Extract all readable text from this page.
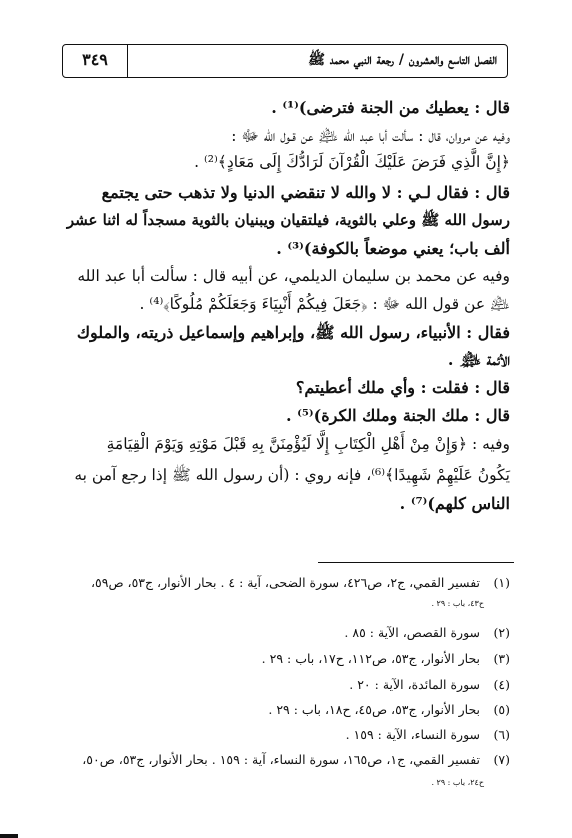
٣٤٩	الفصل التاسع والعشرون / رجعة النبي محمد ﷺ
قال : يعطيك من الجنة فترضى)⁽¹⁾ .
وفيه عن مروان، قال : سألت أبا عبد الله ﵇ عن قـول الله ﷻ :
﴿إِنَّ الَّذِي فَرَضَ عَلَيْكَ الْقُرْآنَ لَرَادُّكَ إِلَى مَعَادٍ﴾⁽²⁾ .
قال : فقال لـي : لا والله لا تنقضي الدنيا ولا تذهب حتى يجتمع
رسول الله ﷺ وعلي بالثوية، فيلتقيان ويبنيان بالثوية مسجداً له اثنا عشر
ألف باب؛ يعني موضعاً بالكوفة)⁽³⁾ .
وفيه عن محمد بن سليمان الديلمي، عن أبيه قال : سألت أبا عبد الله
﵇ عن قول الله ﷻ : ﴿جَعَلَ فِيكُمْ أَنْبِيَاءَ وَجَعَلَكُمْ مُلُوكًا﴾⁽⁴⁾ .
فقال : الأنبياء، رسول الله ﷺ، وإبراهيم وإسماعيل ذريته، والملوك
الأئمة ﵈ .
قال : فقلت : وأي ملك أعطيتم؟
قال : ملك الجنة وملك الكرة)⁽⁵⁾ .
وفيه : ﴿وَإِنْ مِنْ أَهْلِ الْكِتَابِ إِلَّا لَيُؤْمِنَنَّ بِهِ قَبْلَ مَوْتِهِ وَيَوْمَ الْقِيَامَةِ
يَكُونُ عَلَيْهِمْ شَهِيدًا﴾⁽⁶⁾، فإنه روي : (أن رسول الله ﷺ إذا رجع آمن به
الناس كلهم)⁽⁷⁾ .
(١) تفسير القمي، ج٢، ص٤٢٦، سورة الضحى، آية : ٤ . بحار الأنوار، ج٥٣، ص٥٩،
ح٤٣، باب : ٢٩ .
(٢) سورة القصص، الآية : ٨٥ .
(٣) بحار الأنوار، ج٥٣، ص١١٢، ح١٧، باب : ٢٩ .
(٤) سورة المائدة، الآية : ٢٠ .
(٥) بحار الأنوار، ج٥٣، ص٤٥، ح١٨، باب : ٢٩ .
(٦) سورة النساء، الآية : ١٥٩ .
(٧) تفسير القمي، ج١، ص١٦٥، سورة النساء، آية : ١٥٩ . بحار الأنوار، ج٥٣، ص٥٠،
ح٢٤، باب : ٢٩ .
